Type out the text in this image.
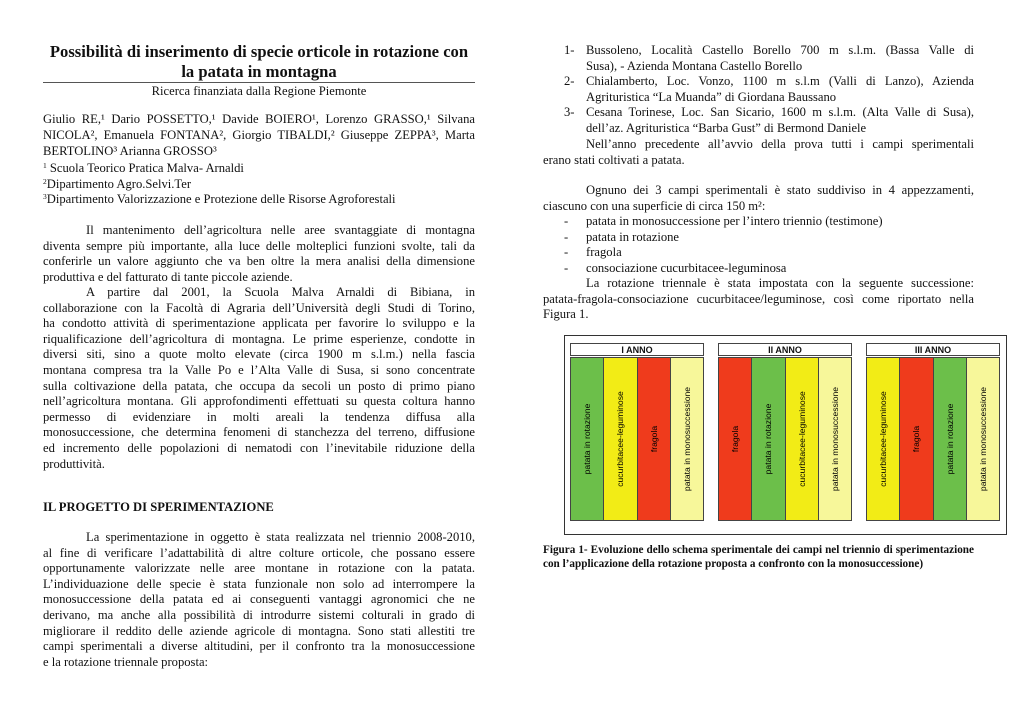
Possibilità di inserimento di specie orticole in rotazione con
la patata in montagna
Ricerca finanziata dalla Regione Piemonte
Giulio RE,¹ Dario POSSETTO,¹ Davide BOIERO¹, Lorenzo GRASSO,¹ Silvana NICOLA², Emanuela FONTANA², Giorgio TIBALDI,² Giuseppe ZEPPA³, Marta BERTOLINO³ Arianna GROSSO³
$^1$ Scuola Teorico Pratica Malva- Arnaldi
$^2$Dipartimento Agro.Selvi.Ter
$^3$Dipartimento Valorizzazione e Protezione delle Risorse Agroforestali
Il mantenimento dell’agricoltura nelle aree svantaggiate di montagna
diventa sempre più importante, alla luce delle molteplici funzioni svolte, tali da
conferirle un valore aggiunto che va ben oltre la mera analisi della dimensione
produttiva e del fatturato di tante piccole aziende.
A partire dal 2001, la Scuola Malva Arnaldi di Bibiana, in
collaborazione con la Facoltà di Agraria dell’Università degli Studi di Torino,
ha condotto attività di sperimentazione applicata per favorire lo sviluppo e la
riqualificazione dell’agricoltura di montagna. Le prime esperienze, condotte in
diversi siti, sino a quote molto elevate (circa 1900 m s.l.m.) nella fascia
montana compresa tra la Valle Po e l’Alta Valle di Susa, si sono concentrate
sulla coltivazione della patata, che occupa da secoli un posto di primo piano
nell’agricoltura montana. Gli approfondimenti effettuati su questa coltura hanno
permesso di evidenziare in molti areali la tendenza diffusa alla
monosuccessione, che determina fenomeni di stanchezza del terreno, diffusione
ed incremento delle popolazioni di nematodi con l’inevitabile riduzione della
produttività.
IL PROGETTO DI SPERIMENTAZIONE
La sperimentazione in oggetto è stata realizzata nel triennio 2008-2010,
al fine di verificare l’adattabilità di altre colture orticole, che possano essere
opportunamente valorizzate nelle aree montane in rotazione con la patata.
L’individuazione delle specie è stata funzionale non solo ad interrompere la
monosuccessione della patata ed ai conseguenti vantaggi agronomici che ne
derivano, ma anche alla possibilità di introdurre sistemi colturali in grado di
migliorare il reddito delle aziende agricole di montagna. Sono stati allestiti tre
campi sperimentali a diverse altitudini, per il confronto tra la monosuccessione
e la rotazione triennale proposta:
1- Bussoleno, Località Castello Borello 700 m s.l.m. (Bassa Valle di
Susa), - Azienda Montana Castello Borello
2- Chialamberto, Loc. Vonzo, 1100 m s.l.m (Valli di Lanzo), Azienda
Agrituristica “La Muanda” di Giordana Baussano
3- Cesana Torinese, Loc. San Sicario, 1600 m s.l.m. (Alta Valle di Susa),
dell’az. Agrituristica “Barba Gust” di Bermond Daniele
Nell’anno precedente all’avvio della prova tutti i campi sperimentali
erano stati coltivati a patata.
Ognuno dei 3 campi sperimentali è stato suddiviso in 4 appezzamenti,
ciascuno con una superficie di circa 150 m²:
- patata in monosuccessione per l’intero triennio (testimone)
- patata in rotazione
- fragola
- consociazione cucurbitacee-leguminosa
La rotazione triennale è stata impostata con la seguente successione:
patata-fragola-consociazione cucurbitacee/leguminose, così come riportato nella
Figura 1.
I ANNO
patata in rotazione	cucurbitacee-leguminose	fragola	patata in monosuccessione
II ANNO
fragola	patata in rotazione	cucurbitacee-leguminose	patata in monosuccessione
III ANNO
cucurbitacee-leguminose	fragola	patata in rotazione	patata in monosuccessione
Figura 1- Evoluzione dello schema sperimentale dei campi nel triennio di sperimentazione con l’applicazione della rotazione proposta a confronto con la monosuccessione)
